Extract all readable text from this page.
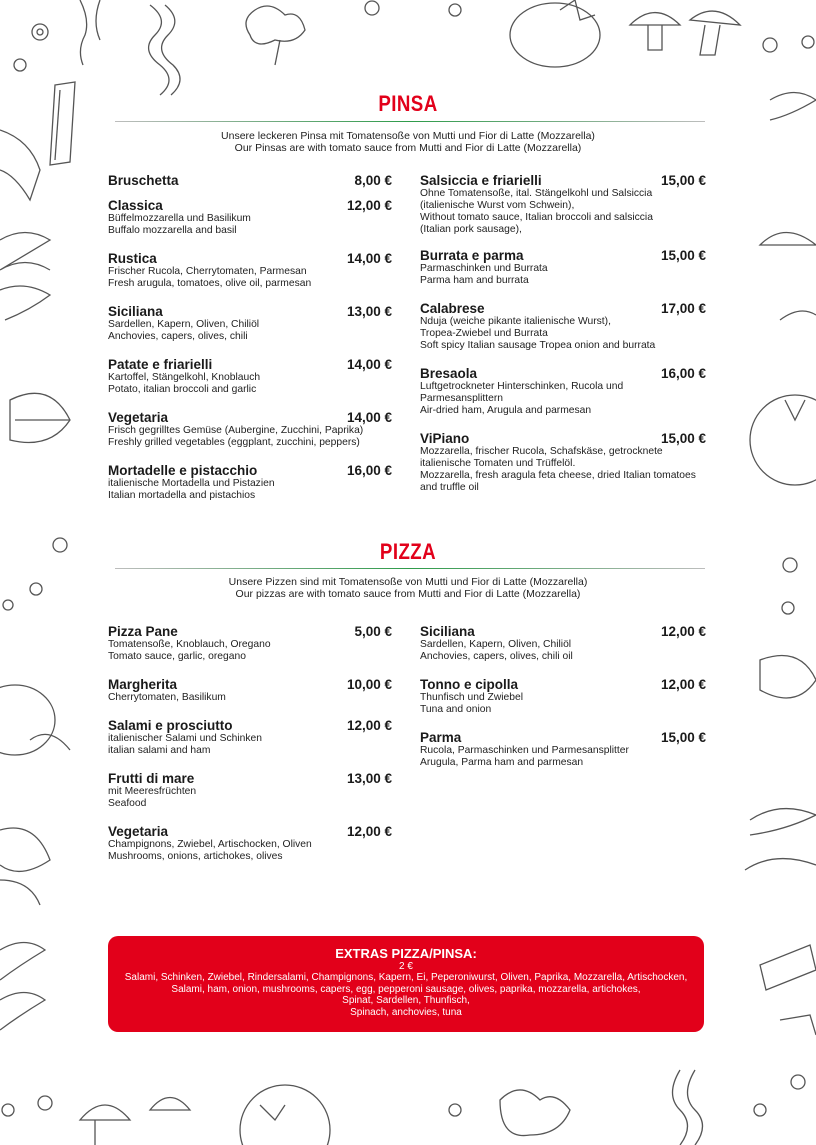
PINSA
Unsere leckeren Pinsa mit Tomatensoße von Mutti und Fior di Latte (Mozzarella)
Our Pinsas are with tomato sauce from Mutti and Fior di Latte (Mozzarella)
Bruschetta	8,00 €
Classica	12,00 €
Büffelmozzarella und Basilikum
Buffalo mozzarella and basil
Rustica	14,00 €
Frischer Rucola, Cherrytomaten, Parmesan
Fresh arugula, tomatoes, olive oil, parmesan
Siciliana	13,00 €
Sardellen, Kapern, Oliven, Chiliöl
Anchovies, capers, olives, chili
Patate e friarielli	14,00 €
Kartoffel, Stängelkohl, Knoblauch
Potato, italian broccoli and garlic
Vegetaria	14,00 €
Frisch gegrilltes Gemüse (Aubergine, Zucchini, Paprika)
Freshly grilled vegetables (eggplant, zucchini, peppers)
Mortadelle e pistacchio	16,00 €
italienische Mortadella und Pistazien
Italian mortadella and pistachios
Salsiccia e friarielli	15,00 €
Ohne Tomatensoße, ital. Stängelkohl und Salsiccia
(italienische Wurst vom Schwein),
Without tomato sauce, Italian broccoli and salsiccia
(Italian pork sausage),
Burrata e parma	15,00 €
Parmaschinken und Burrata
Parma ham and burrata
Calabrese	17,00 €
Nduja (weiche pikante italienische Wurst),
Tropea-Zwiebel und Burrata
Soft spicy Italian sausage Tropea onion and burrata
Bresaola	16,00 €
Luftgetrockneter Hinterschinken, Rucola und
Parmesansplittern
Air-dried ham, Arugula and parmesan
ViPiano	15,00 €
Mozzarella, frischer Rucola, Schafskäse, getrocknete
italienische Tomaten und Trüffelöl.
Mozzarella, fresh aragula feta cheese, dried Italian tomatoes
and truffle oil
PIZZA
Unsere Pizzen sind mit Tomatensoße von Mutti und Fior di Latte (Mozzarella)
Our pizzas are with tomato sauce from Mutti and Fior di Latte (Mozzarella)
Pizza Pane	5,00 €
Tomatensoße, Knoblauch, Oregano
Tomato sauce, garlic, oregano
Margherita	10,00 €
Cherrytomaten, Basilikum
Salami e prosciutto	12,00 €
italienischer Salami und Schinken
italian salami and ham
Frutti di mare	13,00 €
mit Meeresfrüchten
Seafood
Vegetaria	12,00 €
Champignons, Zwiebel, Artischocken, Oliven
Mushrooms, onions, artichokes, olives
Siciliana	12,00 €
Sardellen, Kapern, Oliven, Chiliöl
Anchovies, capers, olives, chili oil
Tonno e cipolla	12,00 €
Thunfisch und Zwiebel
Tuna and onion
Parma	15,00 €
Rucola, Parmaschinken und Parmesansplitter
Arugula, Parma ham and parmesan
EXTRAS PIZZA/PINSA:
2 €
Salami, Schinken, Zwiebel, Rindersalami, Champignons, Kapern, Ei, Peperoniwurst, Oliven, Paprika, Mozzarella, Artischocken,
Salami, ham, onion, mushrooms, capers, egg, pepperoni sausage, olives, paprika, mozzarella, artichokes,
Spinat, Sardellen, Thunfisch,
Spinach, anchovies, tuna
